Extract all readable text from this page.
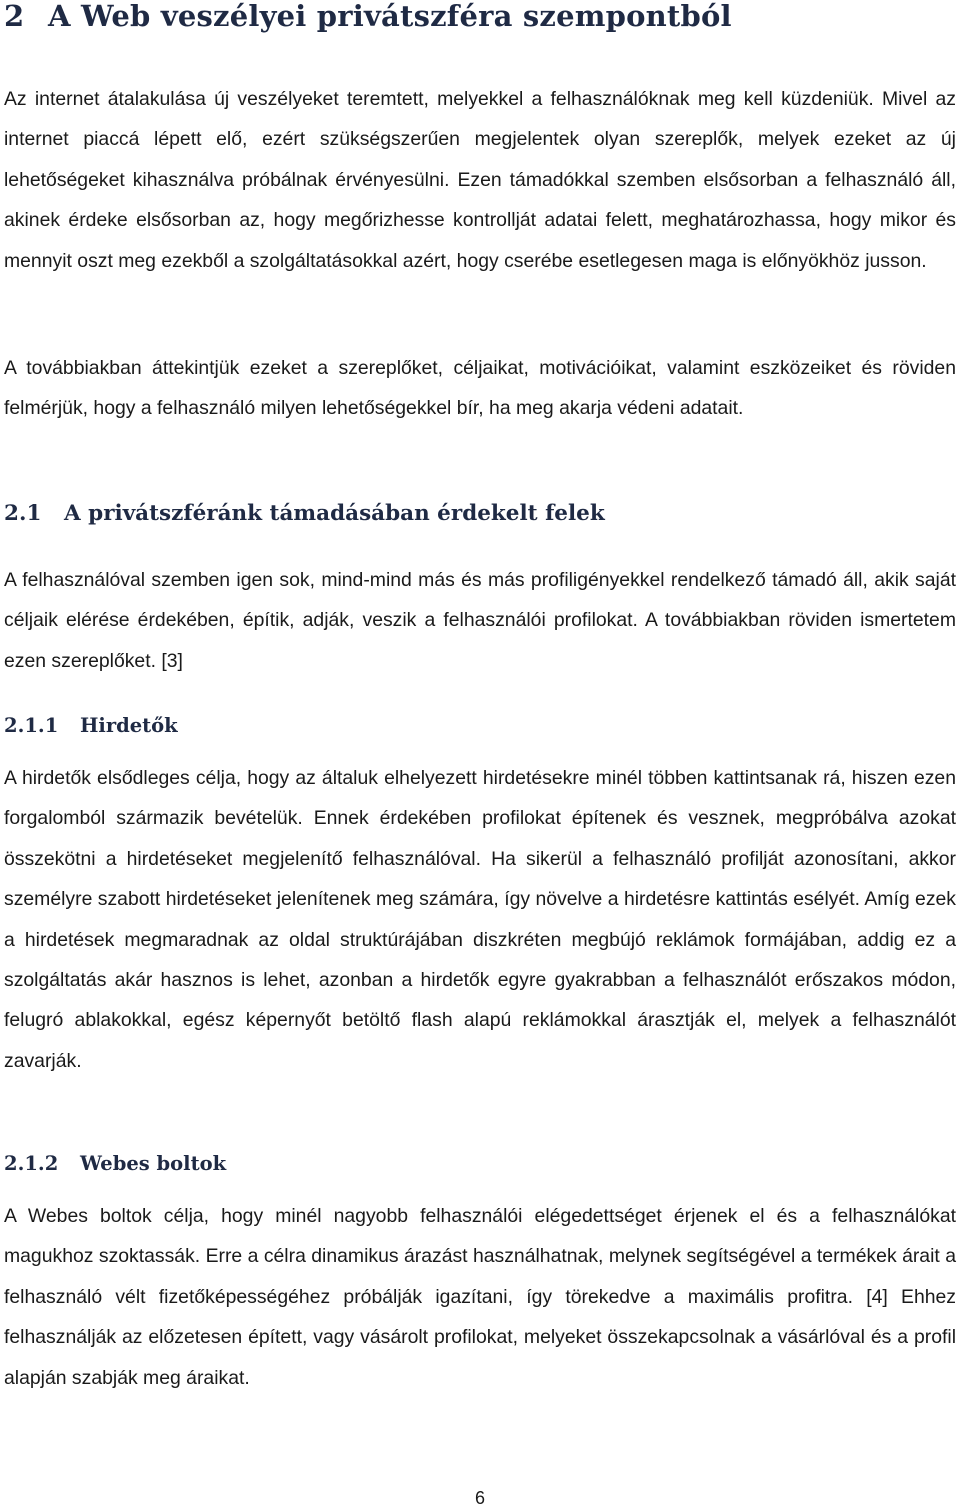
2 A Web veszélyei privátszféra szempontból

Az internet átalakulása új veszélyeket teremtett, melyekkel a felhasználóknak meg kell küzdeniük. Mivel az internet piaccá lépett elő, ezért szükségszerűen megjelentek olyan szereplők, melyek ezeket az új lehetőségeket kihasználva próbálnak érvényesülni. Ezen támadókkal szemben elsősorban a felhasználó áll, akinek érdeke elsősorban az, hogy megőrizhesse kontrollját adatai felett, meghatározhassa, hogy mikor és mennyit oszt meg ezekből a szolgáltatásokkal azért, hogy cserébe esetlegesen maga is előnyökhöz jusson.

A továbbiakban áttekintjük ezeket a szereplőket, céljaikat, motivációikat, valamint eszközeiket és röviden felmérjük, hogy a felhasználó milyen lehetőségekkel bír, ha meg akarja védeni adatait.

2.1 A privátszféránk támadásában érdekelt felek

A felhasználóval szemben igen sok, mind-mind más és más profiligényekkel rendelkező támadó áll, akik saját céljaik elérése érdekében, építik, adják, veszik a felhasználói profilokat. A továbbiakban röviden ismertetem ezen szereplőket. [3]

2.1.1 Hirdetők

A hirdetők elsődleges célja, hogy az általuk elhelyezett hirdetésekre minél többen kattintsanak rá, hiszen ezen forgalomból származik bevételük. Ennek érdekében profilokat építenek és vesznek, megpróbálva azokat összekötni a hirdetéseket megjelenítő felhasználóval. Ha sikerül a felhasználó profilját azonosítani, akkor személyre szabott hirdetéseket jelenítenek meg számára, így növelve a hirdetésre kattintás esélyét. Amíg ezek a hirdetések megmaradnak az oldal struktúrájában diszkréten megbújó reklámok formájában, addig ez a szolgáltatás akár hasznos is lehet, azonban a hirdetők egyre gyakrabban a felhasználót erőszakos módon, felugró ablakokkal, egész képernyőt betöltő flash alapú reklámokkal árasztják el, melyek a felhasználót zavarják.

2.1.2 Webes boltok

A Webes boltok célja, hogy minél nagyobb felhasználói elégedettséget érjenek el és a felhasználókat magukhoz szoktassák. Erre a célra dinamikus árazást használhatnak, melynek segítségével a termékek árait a felhasználó vélt fizetőképességéhez próbálják igazítani, így törekedve a maximális profitra. [4] Ehhez felhasználják az előzetesen épített, vagy vásárolt profilokat, melyeket összekapcsolnak a vásárlóval és a profil alapján szabják meg áraikat.

6
